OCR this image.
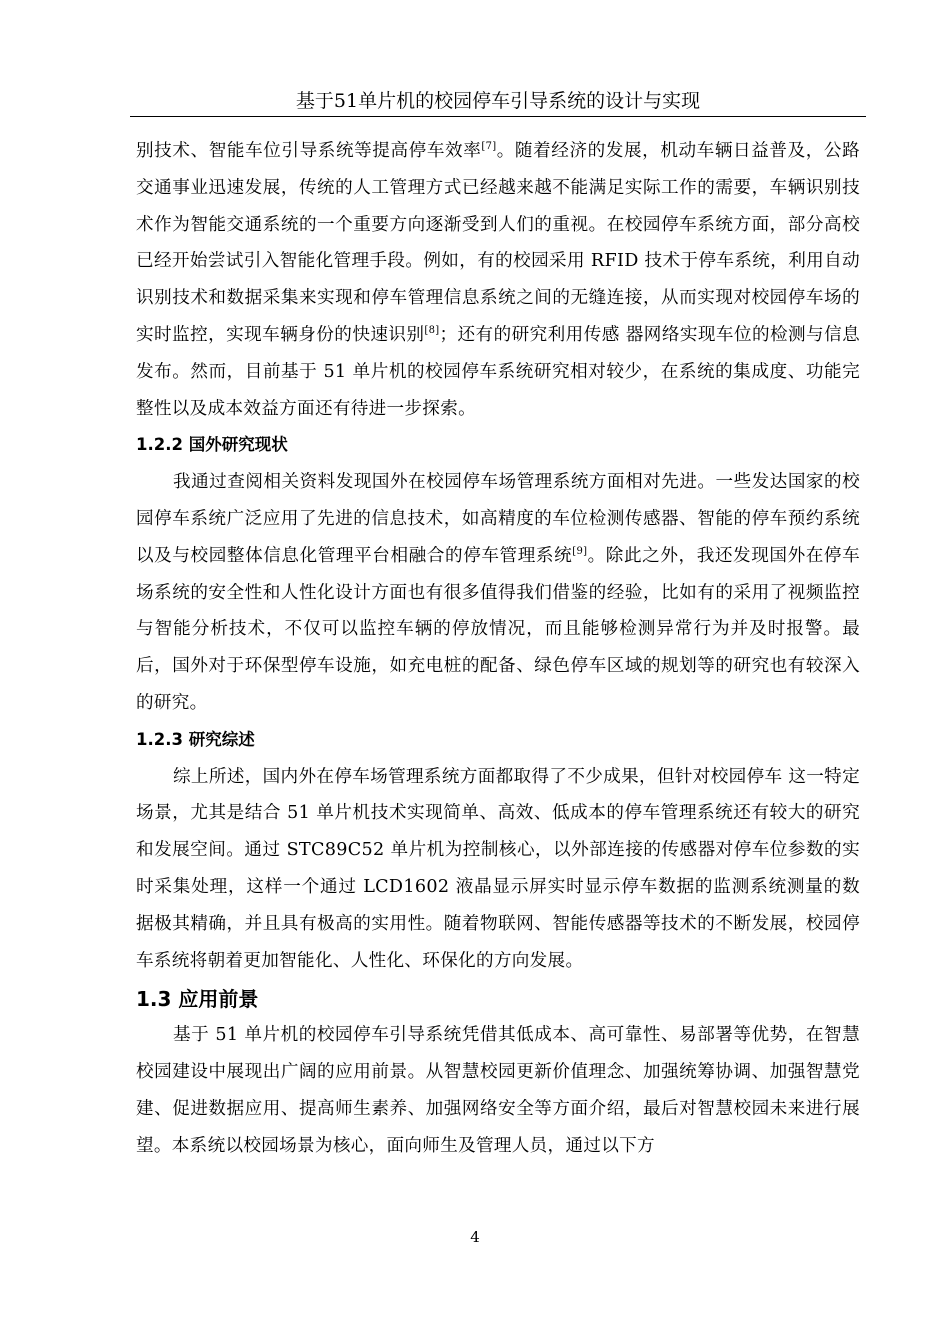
基于51单片机的校园停车引导系统的设计与实现

别技术、智能车位引导系统等提高停车效率[7]。随着经济的发展，机动车辆日益普及，公路交通事业迅速发展，传统的人工管理方式已经越来越不能满足实际工作的需要，车辆识别技术作为智能交通系统的一个重要方向逐渐受到人们的重视。在校园停车系统方面，部分高校已经开始尝试引入智能化管理手段。例如，有的校园采用 RFID 技术于停车系统，利用自动识别技术和数据采集来实现和停车管理信息系统之间的无缝连接，从而实现对校园停车场的实时监控，实现车辆身份的快速识别[8]；还有的研究利用传感 器网络实现车位的检测与信息发布。然而，目前基于 51 单片机的校园停车系统研究相对较少，在系统的集成度、功能完整性以及成本效益方面还有待进一步探索。

1.2.2 国外研究现状

我通过查阅相关资料发现国外在校园停车场管理系统方面相对先进。一些发达国家的校园停车系统广泛应用了先进的信息技术，如高精度的车位检测传感器、智能的停车预约系统以及与校园整体信息化管理平台相融合的停车管理系统[9]。除此之外，我还发现国外在停车场系统的安全性和人性化设计方面也有很多值得我们借鉴的经验，比如有的采用了视频监控与智能分析技术，不仅可以监控车辆的停放情况，而且能够检测异常行为并及时报警。最后，国外对于环保型停车设施，如充电桩的配备、绿色停车区域的规划等的研究也有较深入的研究。

1.2.3 研究综述

综上所述，国内外在停车场管理系统方面都取得了不少成果，但针对校园停车 这一特定场景，尤其是结合 51 单片机技术实现简单、高效、低成本的停车管理系统还有较大的研究和发展空间。通过 STC89C52 单片机为控制核心，以外部连接的传感器对停车位参数的实时采集处理，这样一个通过 LCD1602 液晶显示屏实时显示停车数据的监测系统测量的数据极其精确，并且具有极高的实用性。随着物联网、智能传感器等技术的不断发展，校园停车系统将朝着更加智能化、人性化、环保化的方向发展。

1.3 应用前景

基于 51 单片机的校园停车引导系统凭借其低成本、高可靠性、易部署等优势，在智慧校园建设中展现出广阔的应用前景。从智慧校园更新价值理念、加强统筹协调、加强智慧党建、促进数据应用、提高师生素养、加强网络安全等方面介绍，最后对智慧校园未来进行展望。本系统以校园场景为核心，面向师生及管理人员，通过以下方

4
